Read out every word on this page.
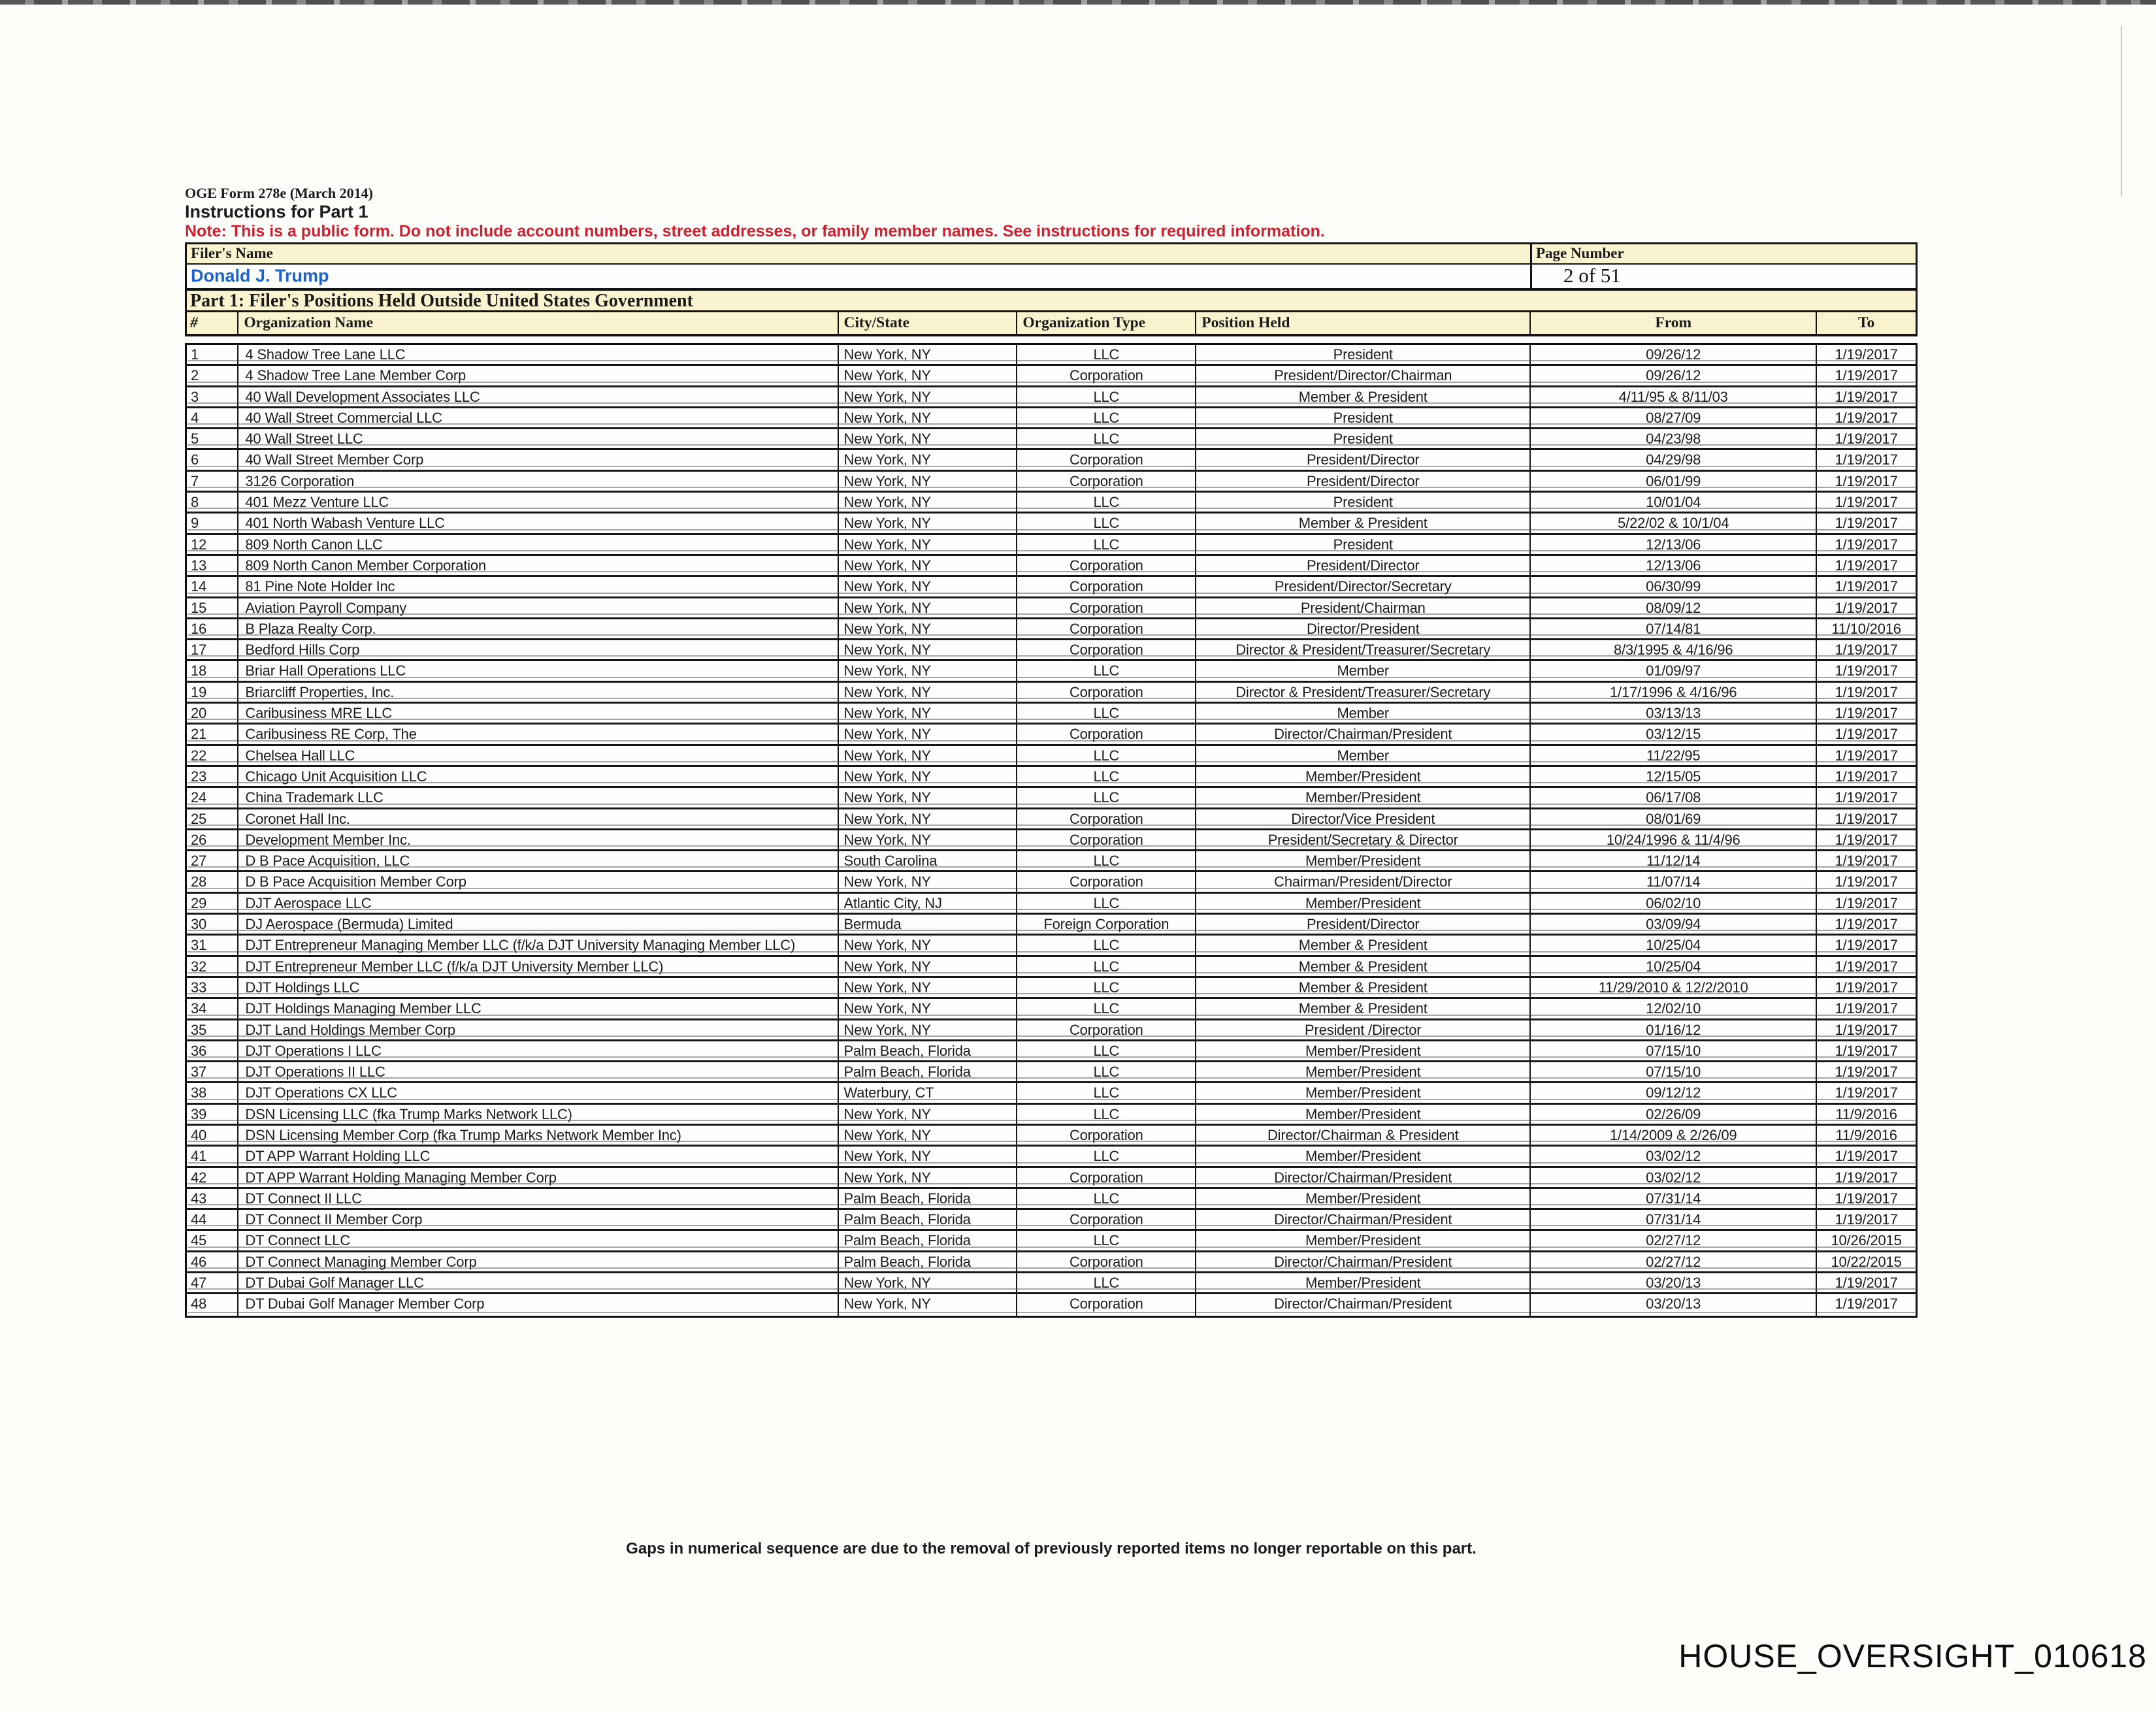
OGE Form 278e (March 2014)
Instructions for Part 1
Note: This is a public form. Do not include account numbers, street addresses, or family member names. See instructions for required information.
Filer's Name
Donald J. Trump
Page Number
2 of 51
Part 1: Filer's Positions Held Outside United States Government
#	Organization Name	City/State	Organization Type	Position Held	From	To
1	4 Shadow Tree Lane LLC	New York, NY	LLC	President	09/26/12	1/19/2017
2	4 Shadow Tree Lane Member Corp	New York, NY	Corporation	President/Director/Chairman	09/26/12	1/19/2017
3	40 Wall Development Associates LLC	New York, NY	LLC	Member & President	4/11/95 & 8/11/03	1/19/2017
4	40 Wall Street Commercial LLC	New York, NY	LLC	President	08/27/09	1/19/2017
5	40 Wall Street LLC	New York, NY	LLC	President	04/23/98	1/19/2017
6	40 Wall Street Member Corp	New York, NY	Corporation	President/Director	04/29/98	1/19/2017
7	3126 Corporation	New York, NY	Corporation	President/Director	06/01/99	1/19/2017
8	401 Mezz Venture LLC	New York, NY	LLC	President	10/01/04	1/19/2017
9	401 North Wabash Venture LLC	New York, NY	LLC	Member & President	5/22/02 & 10/1/04	1/19/2017
12	809 North Canon LLC	New York, NY	LLC	President	12/13/06	1/19/2017
13	809 North Canon Member Corporation	New York, NY	Corporation	President/Director	12/13/06	1/19/2017
14	81 Pine Note Holder Inc	New York, NY	Corporation	President/Director/Secretary	06/30/99	1/19/2017
15	Aviation Payroll Company	New York, NY	Corporation	President/Chairman	08/09/12	1/19/2017
16	B Plaza Realty Corp.	New York, NY	Corporation	Director/President	07/14/81	11/10/2016
17	Bedford Hills Corp	New York, NY	Corporation	Director & President/Treasurer/Secretary	8/3/1995 & 4/16/96	1/19/2017
18	Briar Hall Operations LLC	New York, NY	LLC	Member	01/09/97	1/19/2017
19	Briarcliff Properties, Inc.	New York, NY	Corporation	Director & President/Treasurer/Secretary	1/17/1996 & 4/16/96	1/19/2017
20	Caribusiness MRE LLC	New York, NY	LLC	Member	03/13/13	1/19/2017
21	Caribusiness RE Corp, The	New York, NY	Corporation	Director/Chairman/President	03/12/15	1/19/2017
22	Chelsea Hall LLC	New York, NY	LLC	Member	11/22/95	1/19/2017
23	Chicago Unit Acquisition LLC	New York, NY	LLC	Member/President	12/15/05	1/19/2017
24	China Trademark LLC	New York, NY	LLC	Member/President	06/17/08	1/19/2017
25	Coronet Hall Inc.	New York, NY	Corporation	Director/Vice President	08/01/69	1/19/2017
26	Development Member Inc.	New York, NY	Corporation	President/Secretary & Director	10/24/1996 & 11/4/96	1/19/2017
27	D B Pace Acquisition, LLC	South Carolina	LLC	Member/President	11/12/14	1/19/2017
28	D B Pace Acquisition Member Corp	New York, NY	Corporation	Chairman/President/Director	11/07/14	1/19/2017
29	DJT Aerospace LLC	Atlantic City, NJ	LLC	Member/President	06/02/10	1/19/2017
30	DJ Aerospace (Bermuda) Limited	Bermuda	Foreign Corporation	President/Director	03/09/94	1/19/2017
31	DJT Entrepreneur Managing Member LLC (f/k/a DJT University Managing Member LLC)	New York, NY	LLC	Member & President	10/25/04	1/19/2017
32	DJT Entrepreneur Member LLC (f/k/a DJT University Member LLC)	New York, NY	LLC	Member & President	10/25/04	1/19/2017
33	DJT Holdings LLC	New York, NY	LLC	Member & President	11/29/2010 & 12/2/2010	1/19/2017
34	DJT Holdings Managing Member LLC	New York, NY	LLC	Member & President	12/02/10	1/19/2017
35	DJT Land Holdings Member Corp	New York, NY	Corporation	President /Director	01/16/12	1/19/2017
36	DJT Operations I LLC	Palm Beach, Florida	LLC	Member/President	07/15/10	1/19/2017
37	DJT Operations II LLC	Palm Beach, Florida	LLC	Member/President	07/15/10	1/19/2017
38	DJT Operations CX LLC	Waterbury, CT	LLC	Member/President	09/12/12	1/19/2017
39	DSN Licensing LLC (fka Trump Marks Network LLC)	New York, NY	LLC	Member/President	02/26/09	11/9/2016
40	DSN Licensing Member Corp (fka Trump Marks Network Member Inc)	New York, NY	Corporation	Director/Chairman & President	1/14/2009 & 2/26/09	11/9/2016
41	DT APP Warrant Holding LLC	New York, NY	LLC	Member/President	03/02/12	1/19/2017
42	DT APP Warrant Holding Managing Member Corp	New York, NY	Corporation	Director/Chairman/President	03/02/12	1/19/2017
43	DT Connect II LLC	Palm Beach, Florida	LLC	Member/President	07/31/14	1/19/2017
44	DT Connect II Member Corp	Palm Beach, Florida	Corporation	Director/Chairman/President	07/31/14	1/19/2017
45	DT Connect LLC	Palm Beach, Florida	LLC	Member/President	02/27/12	10/26/2015
46	DT Connect Managing Member Corp	Palm Beach, Florida	Corporation	Director/Chairman/President	02/27/12	10/22/2015
47	DT Dubai Golf Manager LLC	New York, NY	LLC	Member/President	03/20/13	1/19/2017
48	DT Dubai Golf Manager Member Corp	New York, NY	Corporation	Director/Chairman/President	03/20/13	1/19/2017
Gaps in numerical sequence are due to the removal of previously reported items no longer reportable on this part.
HOUSE_OVERSIGHT_010618
